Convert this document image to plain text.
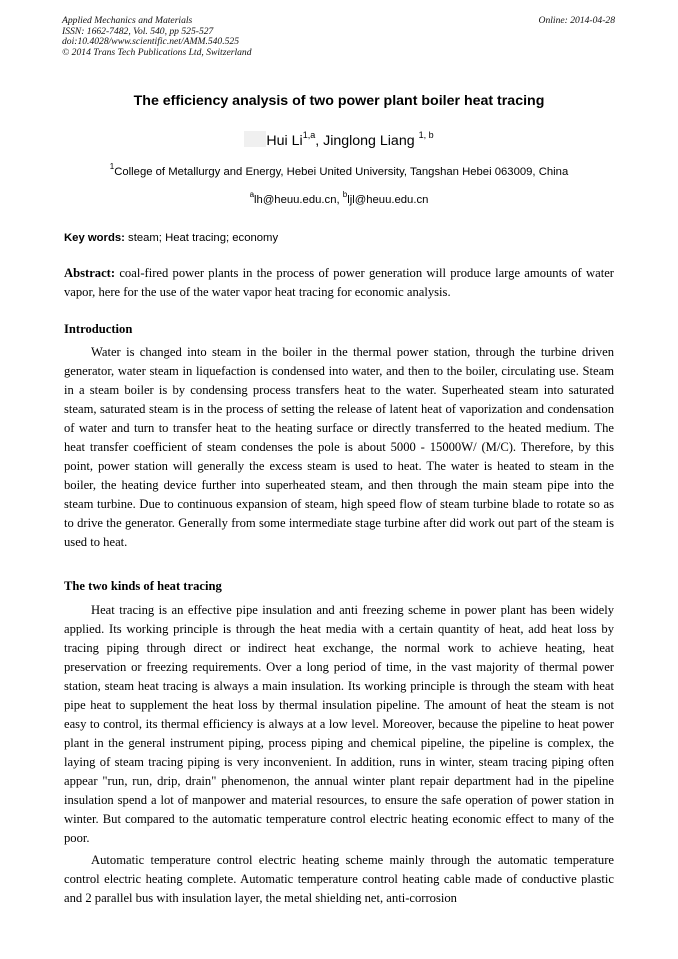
Applied Mechanics and Materials
ISSN: 1662-7482, Vol. 540, pp 525-527
doi:10.4028/www.scientific.net/AMM.540.525
© 2014 Trans Tech Publications Ltd, Switzerland
Online: 2014-04-28
The efficiency analysis of two power plant boiler heat tracing
Hui Li$^{1,a}$, Jinglong Liang $^{1, b}$
$^1$College of Metallurgy and Energy, Hebei United University, Tangshan Hebei 063009, China
$^a$lh@heuu.edu.cn, $^b$ljl@heuu.edu.cn
Key words: steam; Heat tracing; economy
Abstract: coal-fired power plants in the process of power generation will produce large amounts of water vapor, here for the use of the water vapor heat tracing for economic analysis.
Introduction
Water is changed into steam in the boiler in the thermal power station, through the turbine driven generator, water steam in liquefaction is condensed into water, and then to the boiler, circulating use. Steam in a steam boiler is by condensing process transfers heat to the water. Superheated steam into saturated steam, saturated steam is in the process of setting the release of latent heat of vaporization and condensation of water and turn to transfer heat to the heating surface or directly transferred to the heated medium. The heat transfer coefficient of steam condenses the pole is about 5000 - 15000W/ (M/C). Therefore, by this point, power station will generally the excess steam is used to heat. The water is heated to steam in the boiler, the heating device further into superheated steam, and then through the main steam pipe into the steam turbine. Due to continuous expansion of steam, high speed flow of steam turbine blade to rotate so as to drive the generator. Generally from some intermediate stage turbine after did work out part of the steam is used to heat.
The two kinds of heat tracing
Heat tracing is an effective pipe insulation and anti freezing scheme in power plant has been widely applied. Its working principle is through the heat media with a certain quantity of heat, add heat loss by tracing piping through direct or indirect heat exchange, the normal work to achieve heating, heat preservation or freezing requirements. Over a long period of time, in the vast majority of thermal power station, steam heat tracing is always a main insulation. Its working principle is through the steam with heat pipe heat to supplement the heat loss by thermal insulation pipeline. The amount of heat the steam is not easy to control, its thermal efficiency is always at a low level. Moreover, because the pipeline to heat power plant in the general instrument piping, process piping and chemical pipeline, the pipeline is complex, the laying of steam tracing piping is very inconvenient. In addition, runs in winter, steam tracing piping often appear "run, run, drip, drain" phenomenon, the annual winter plant repair department had in the pipeline insulation spend a lot of manpower and material resources, to ensure the safe operation of power station in winter. But compared to the automatic temperature control electric heating economic effect to many of the poor.
Automatic temperature control electric heating scheme mainly through the automatic temperature control electric heating complete. Automatic temperature control heating cable made of conductive plastic and 2 parallel bus with insulation layer, the metal shielding net, anti-corrosion
